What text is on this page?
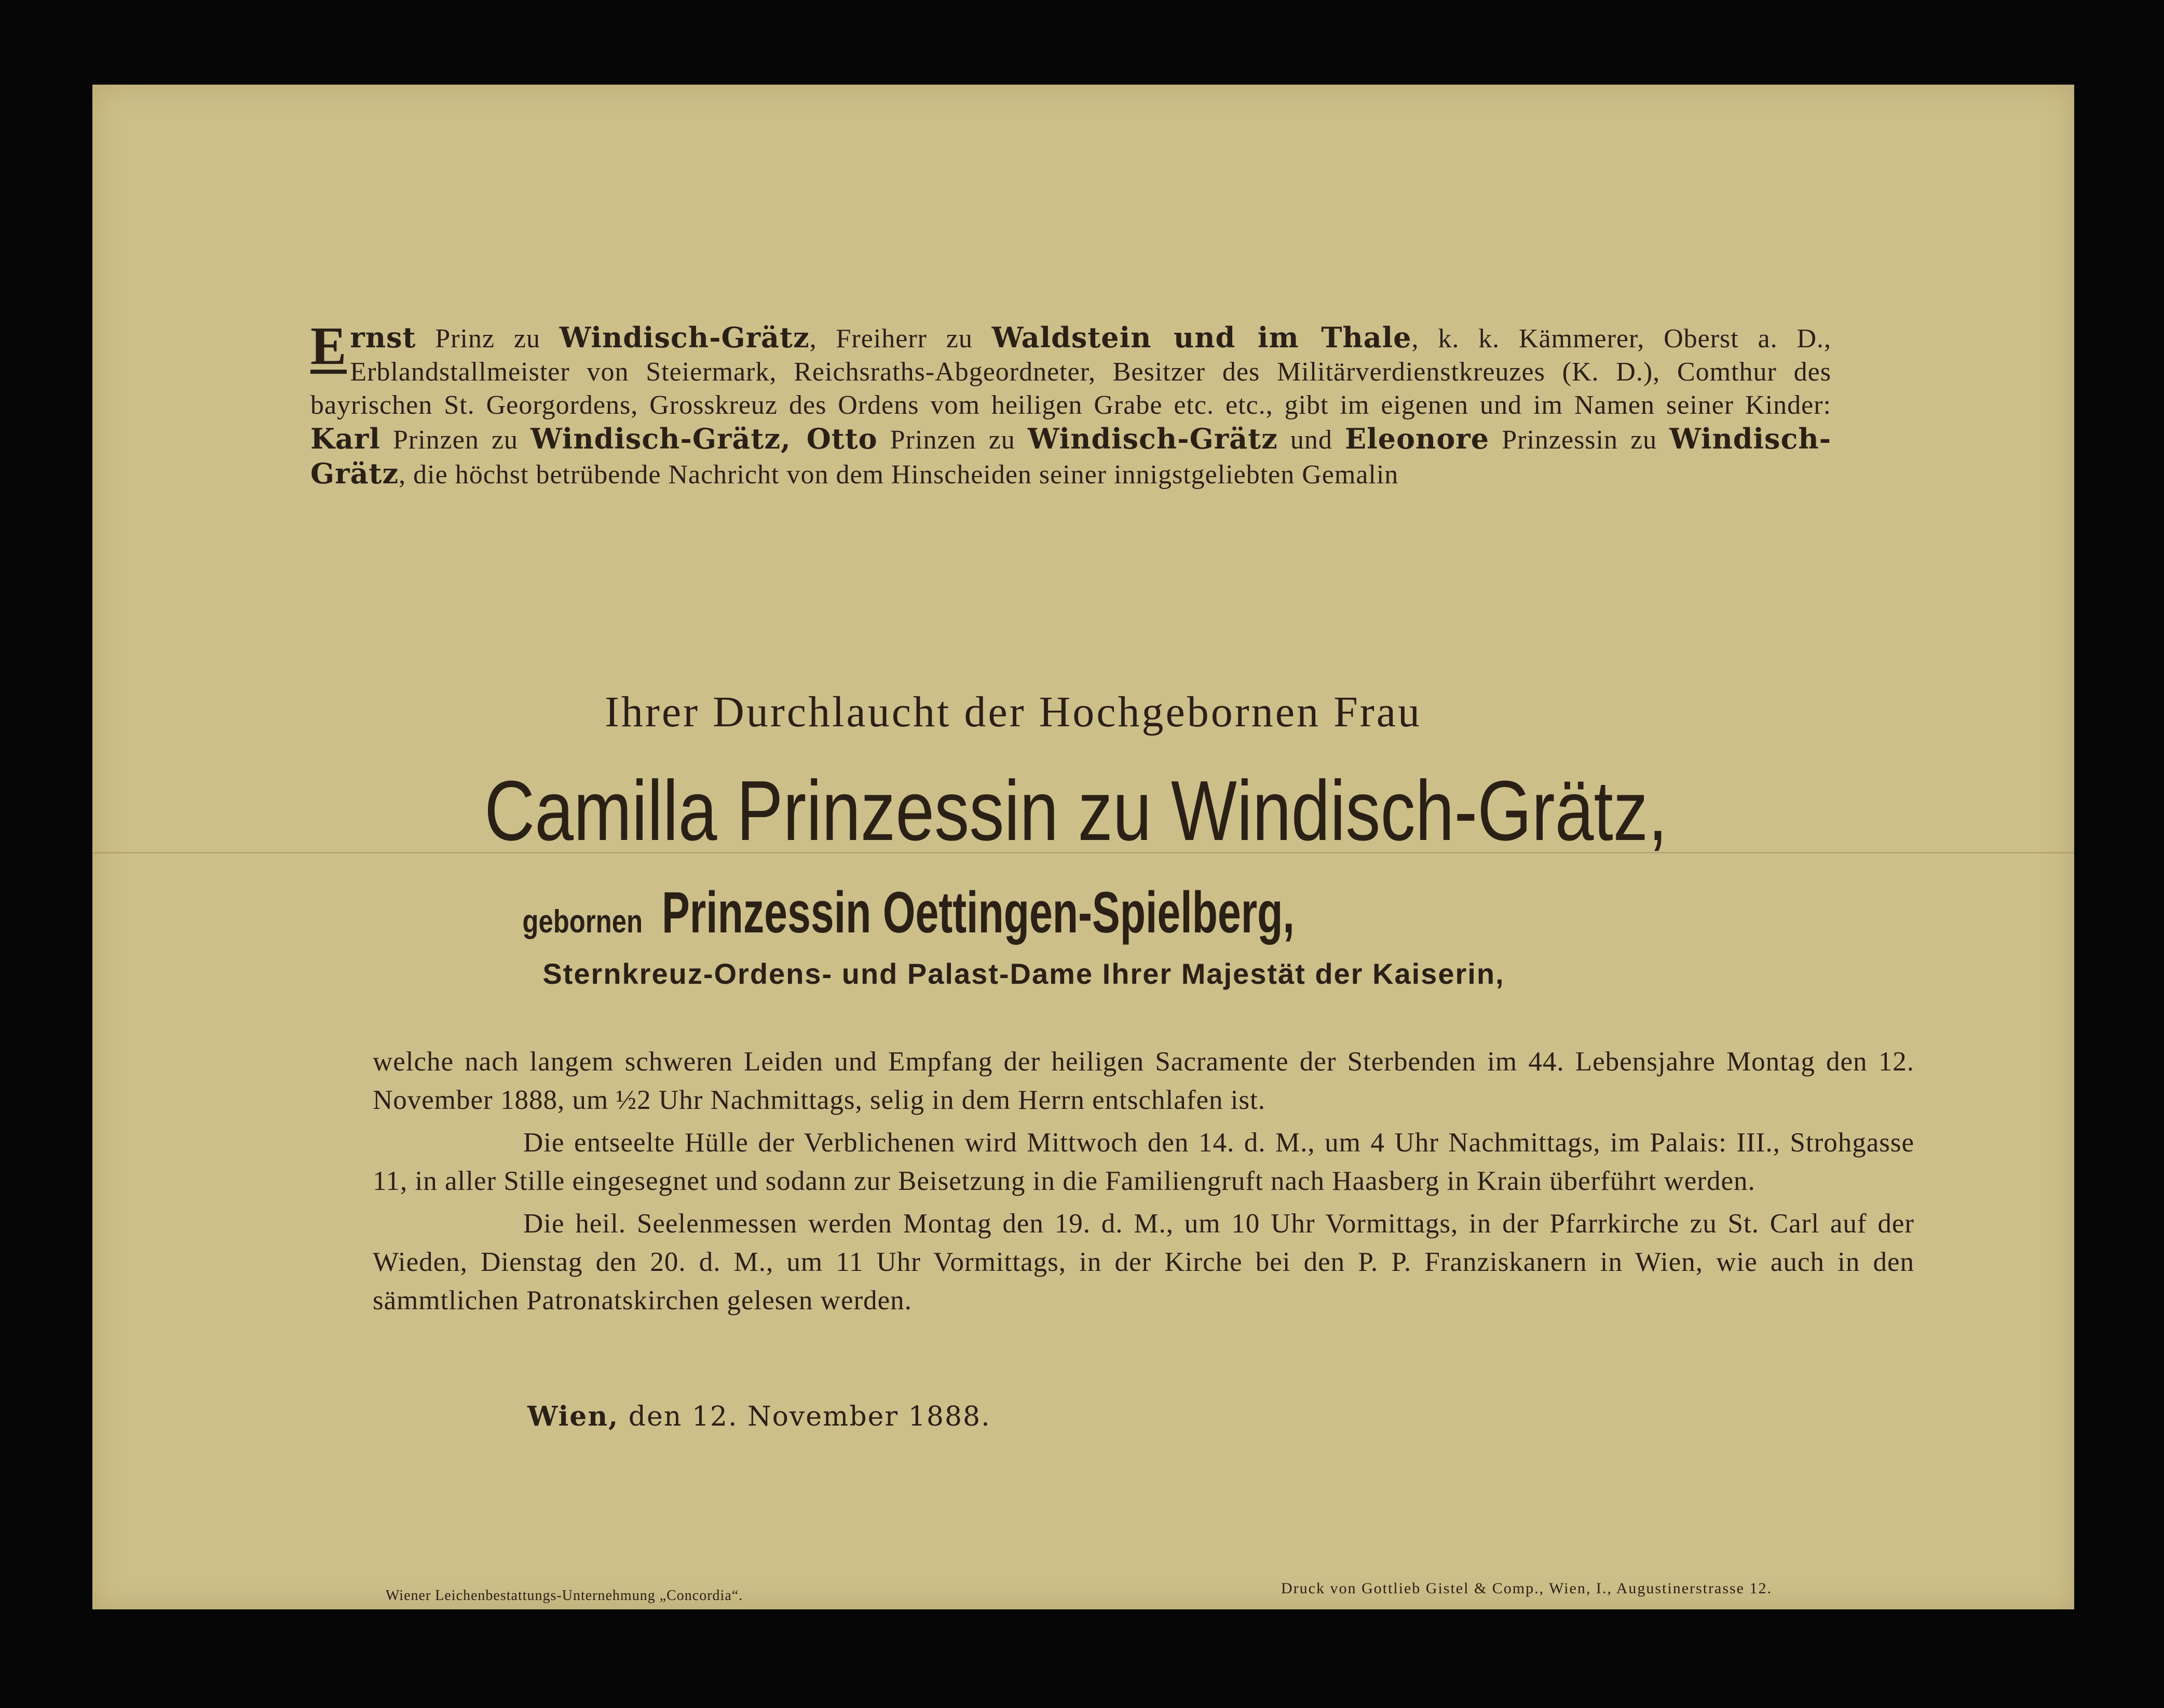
E rnst Prinz zu Windisch-Grätz, Freiherr zu Waldstein und im Thale, k. k. Kämmerer, Oberst a. D., Erblandstallmeister von Steiermark, Reichsraths-Abgeordneter, Besitzer des Militärverdienstkreuzes (K. D.), Comthur des bayrischen St. Georgordens, Grosskreuz des Ordens vom heiligen Grabe etc. etc., gibt im eigenen und im Namen seiner Kinder: Karl Prinzen zu Windisch-Grätz, Otto Prinzen zu Windisch-Grätz und Eleonore Prinzessin zu Windisch-Grätz, die höchst betrübende Nachricht von dem Hinscheiden seiner innigstgeliebten Gemalin
Ihrer Durchlaucht der Hochgebornen Frau
Camilla Prinzessin zu Windisch-Grätz,
gebornen Prinzessin Oettingen-Spielberg,
Sternkreuz-Ordens- und Palast-Dame Ihrer Majestät der Kaiserin,

welche nach langem schweren Leiden und Empfang der heiligen Sacramente der Sterbenden im 44. Lebensjahre Montag den 12. November 1888, um ½2 Uhr Nachmittags, selig in dem Herrn entschlafen ist.

Die entseelte Hülle der Verblichenen wird Mittwoch den 14. d. M., um 4 Uhr Nachmittags, im Palais: III., Strohgasse 11, in aller Stille eingesegnet und sodann zur Beisetzung in die Familiengruft nach Haasberg in Krain überführt werden.

Die heil. Seelenmessen werden Montag den 19. d. M., um 10 Uhr Vormittags, in der Pfarrkirche zu St. Carl auf der Wieden, Dienstag den 20. d. M., um 11 Uhr Vormittags, in der Kirche bei den P. P. Franziskanern in Wien, wie auch in den sämmtlichen Patronatskirchen gelesen werden.

Wien, den 12. November 1888.
Wiener Leichenbestattungs-Unternehmung „Concordia“.	Druck von Gottlieb Gistel & Comp., Wien, I., Augustinerstrasse 12.
